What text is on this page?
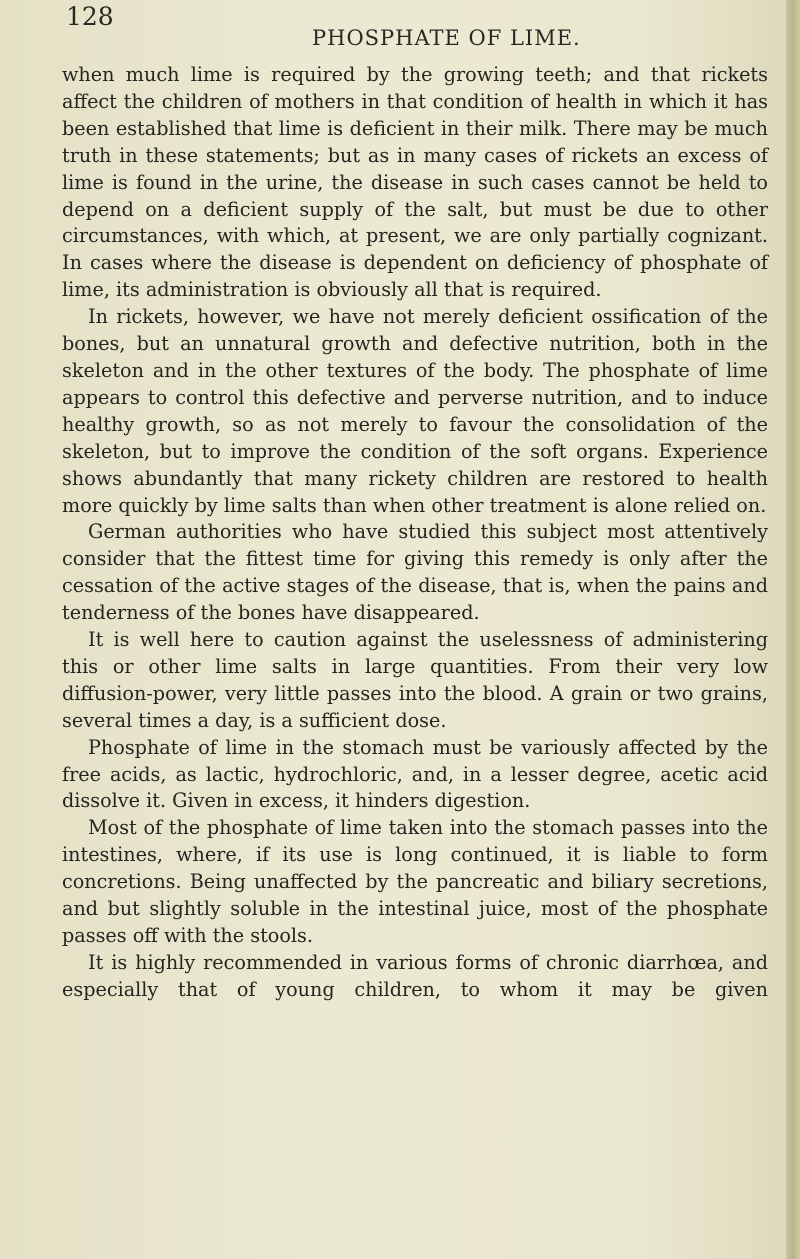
128
PHOSPHATE OF LIME.

when much lime is required by the growing teeth; and that rickets affect the children of mothers in that condition of health in which it has been established that lime is deficient in their milk. There may be much truth in these statements; but as in many cases of rickets an excess of lime is found in the urine, the disease in such cases cannot be held to depend on a deficient supply of the salt, but must be due to other circumstances, with which, at present, we are only partially cognizant. In cases where the disease is dependent on deficiency of phosphate of lime, its administration is obviously all that is required.

In rickets, however, we have not merely deficient ossification of the bones, but an unnatural growth and defective nutrition, both in the skeleton and in the other textures of the body. The phosphate of lime appears to control this defective and perverse nutrition, and to induce healthy growth, so as not merely to favour the consolidation of the skeleton, but to improve the condition of the soft organs. Experience shows abundantly that many rickety children are restored to health more quickly by lime salts than when other treatment is alone relied on.

German authorities who have studied this subject most attentively consider that the fittest time for giving this remedy is only after the cessation of the active stages of the disease, that is, when the pains and tenderness of the bones have disappeared.

It is well here to caution against the uselessness of administering this or other lime salts in large quantities. From their very low diffusion-power, very little passes into the blood. A grain or two grains, several times a day, is a sufficient dose.

Phosphate of lime in the stomach must be variously affected by the free acids, as lactic, hydrochloric, and, in a lesser degree, acetic acid dissolve it. Given in excess, it hinders digestion.

Most of the phosphate of lime taken into the stomach passes into the intestines, where, if its use is long continued, it is liable to form concretions. Being unaffected by the pancreatic and biliary secretions, and but slightly soluble in the intestinal juice, most of the phosphate passes off with the stools.

It is highly recommended in various forms of chronic diarrhœa, and especially that of young children, to whom it may be given
